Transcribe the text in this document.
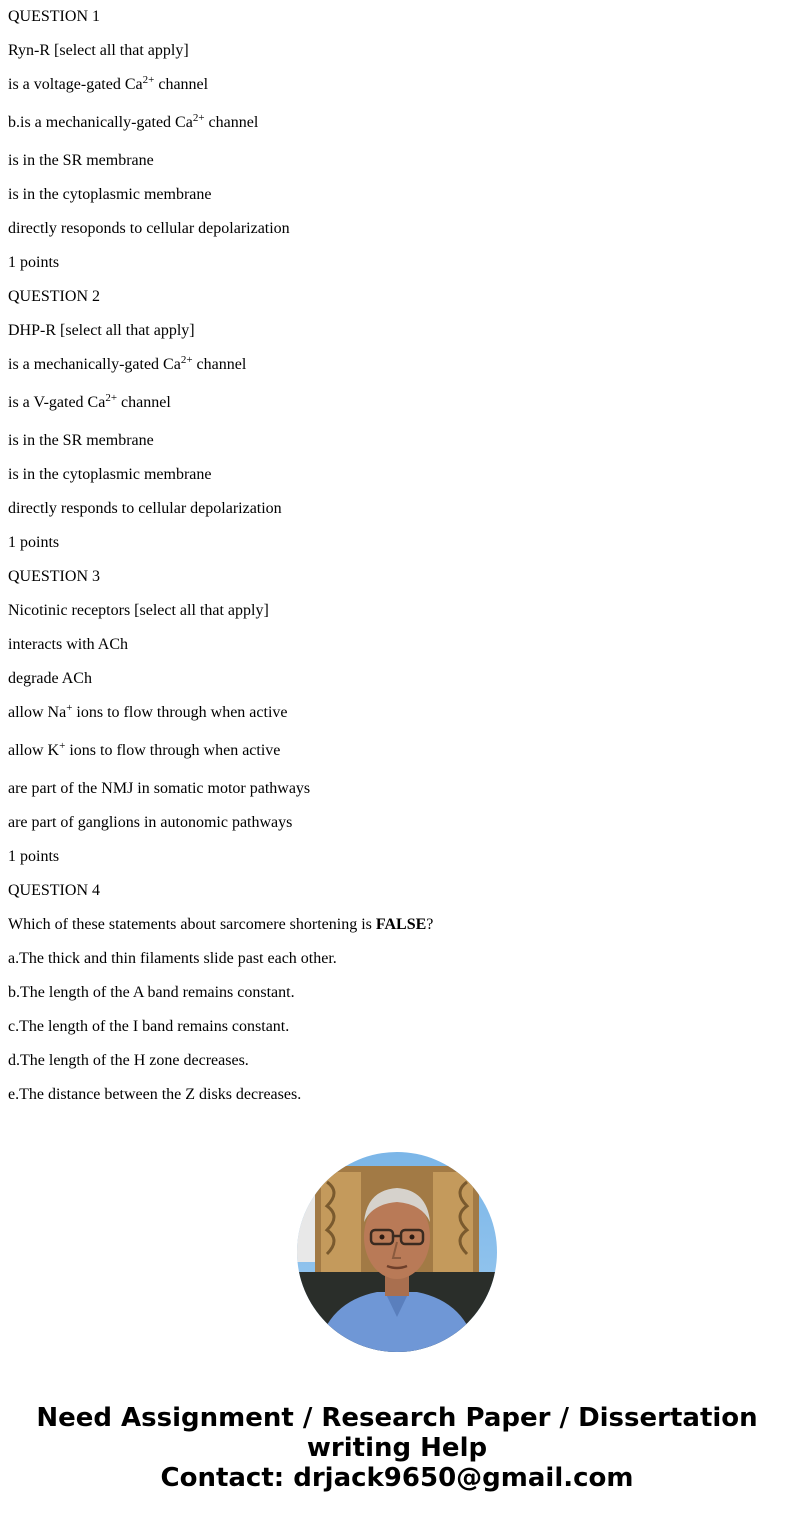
QUESTION 1

Ryn-R [select all that apply]

is a voltage-gated $Ca^{2+}$ channel

b.is a mechanically-gated $Ca^{2+}$ channel

is in the SR membrane

is in the cytoplasmic membrane

directly resoponds to cellular depolarization

1 points

QUESTION 2

DHP-R [select all that apply]

is a mechanically-gated $Ca^{2+}$ channel

is a V-gated $Ca^{2+}$ channel

is in the SR membrane

is in the cytoplasmic membrane

directly responds to cellular depolarization

1 points

QUESTION 3

Nicotinic receptors [select all that apply]

interacts with ACh

degrade ACh

allow Na+ ions to flow through when active

allow K+ ions to flow through when active

are part of the NMJ in somatic motor pathways

are part of ganglions in autonomic pathways

1 points

QUESTION 4

Which of these statements about sarcomere shortening is FALSE?

a.The thick and thin filaments slide past each other.

b.The length of the A band remains constant.

c.The length of the I band remains constant.

d.The length of the H zone decreases.

e.The distance between the Z disks decreases.

Need Assignment / Research Paper / Dissertation
writing Help
Contact: drjack9650@gmail.com
